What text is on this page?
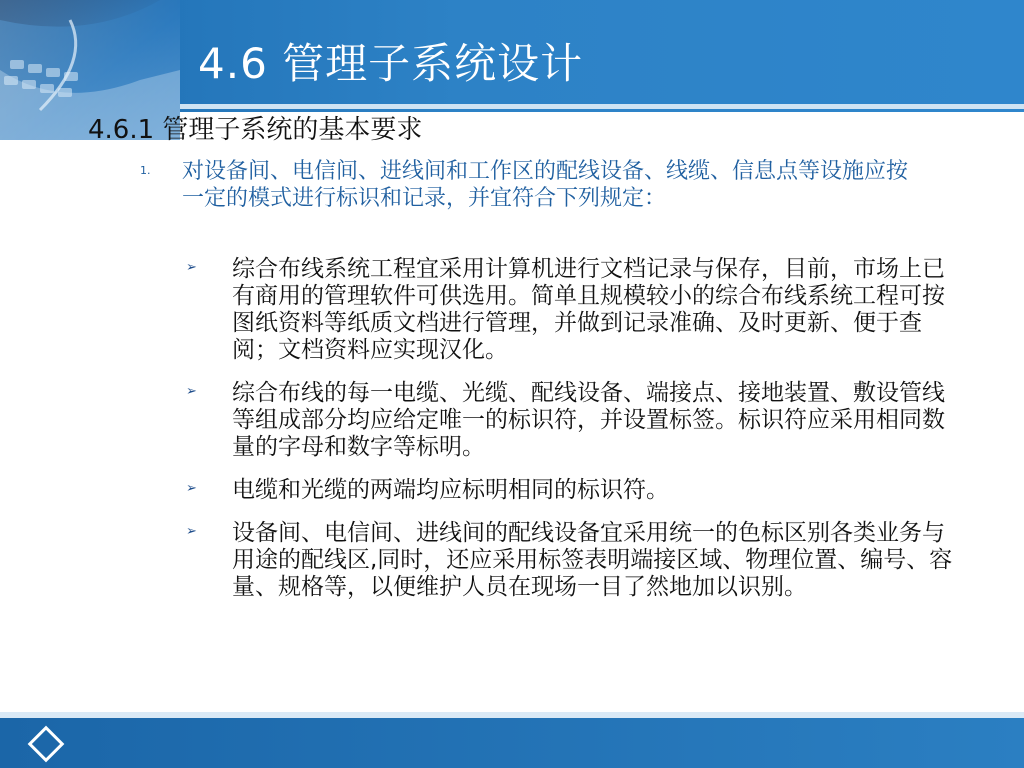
4.6 管理子系统设计
4.6.1 管理子系统的基本要求
1. 对设备间、电信间、进线间和工作区的配线设备、线缆、信息点等设施应按一定的模式进行标识和记录，并宜符合下列规定：
➢ 综合布线系统工程宜采用计算机进行文档记录与保存，目前，市场上已有商用的管理软件可供选用。简单且规模较小的综合布线系统工程可按图纸资料等纸质文档进行管理，并做到记录准确、及时更新、便于查阅；文档资料应实现汉化。
➢ 综合布线的每一电缆、光缆、配线设备、端接点、接地装置、敷设管线等组成部分均应给定唯一的标识符，并设置标签。标识符应采用相同数量的字母和数字等标明。
➢ 电缆和光缆的两端均应标明相同的标识符。
➢ 设备间、电信间、进线间的配线设备宜采用统一的色标区别各类业务与用途的配线区,同时，还应采用标签表明端接区域、物理位置、编号、容量、规格等，以便维护人员在现场一目了然地加以识别。
